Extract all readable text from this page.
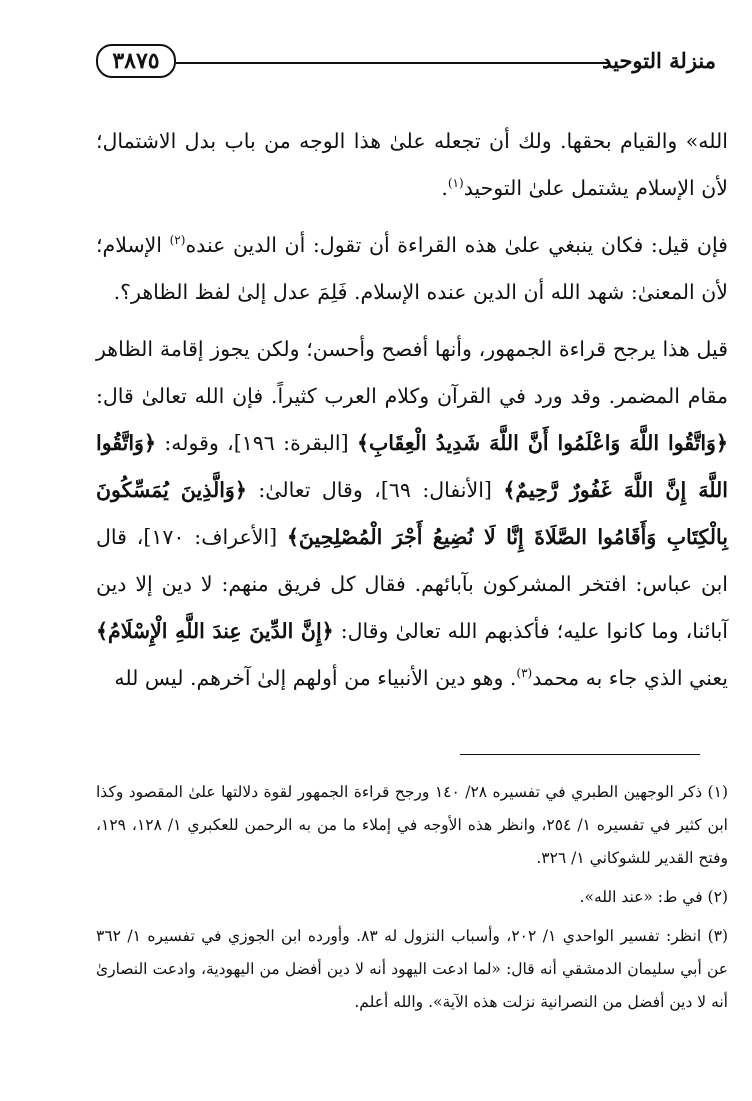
منزلة التوحيد
٣٨٧٥

الله» والقيام بحقها. ولك أن تجعله علىٰ هذا الوجه من باب بدل الاشتمال؛ لأن الإسلام يشتمل علىٰ التوحيد$^{(١)}$.

فإن قيل: فكان ينبغي علىٰ هذه القراءة أن تقول: أن الدين عنده$^{(٢)}$ الإسلام؛ لأن المعنىٰ: شهد الله أن الدين عنده الإسلام. فَلِمَ عدل إلىٰ لفظ الظاهر؟.

قيل هذا يرجح قراءة الجمهور، وأنها أفصح وأحسن؛ ولكن يجوز إقامة الظاهر مقام المضمر. وقد ورد في القرآن وكلام العرب كثيراً. فإن الله تعالىٰ قال: ﴿وَاتَّقُوا اللَّهَ وَاعْلَمُوا أَنَّ اللَّهَ شَدِيدُ الْعِقَابِ﴾ [البقرة: ١٩٦]، وقوله: ﴿وَاتَّقُوا اللَّهَ إِنَّ اللَّهَ غَفُورٌ رَّحِيمٌ﴾ [الأنفال: ٦٩]، وقال تعالىٰ: ﴿وَالَّذِينَ يُمَسِّكُونَ بِالْكِتَابِ وَأَقَامُوا الصَّلَاةَ إِنَّا لَا نُضِيعُ أَجْرَ الْمُصْلِحِينَ﴾ [الأعراف: ١٧٠]، قال ابن عباس: افتخر المشركون بآبائهم. فقال كل فريق منهم: لا دين إلا دين آبائنا، وما كانوا عليه؛ فأكذبهم الله تعالىٰ وقال: ﴿إِنَّ الدِّينَ عِندَ اللَّهِ الْإِسْلَامُ﴾ يعني الذي جاء به محمد$^{(٣)}$. وهو دين الأنبياء من أولهم إلىٰ آخرهم. ليس لله

(١) ذكر الوجهين الطبري في تفسيره ٢٨/ ١٤٠ ورجح قراءة الجمهور لقوة دلالتها علىٰ المقصود وكذا ابن كثير في تفسيره ١/ ٢٥٤، وانظر هذه الأوجه في إملاء ما من به الرحمن للعكبري ١/ ١٢٨، ١٢٩، وفتح القدير للشوكاني ١/ ٣٢٦.

(٢) في ط: «عند الله».

(٣) انظر: تفسير الواحدي ١/ ٢٠٢، وأسباب النزول له ٨٣. وأورده ابن الجوزي في تفسيره ١/ ٣٦٢ عن أبي سليمان الدمشقي أنه قال: «لما ادعت اليهود أنه لا دين أفضل من اليهودية، وادعت النصارىٰ أنه لا دين أفضل من النصرانية نزلت هذه الآية». والله أعلم.
